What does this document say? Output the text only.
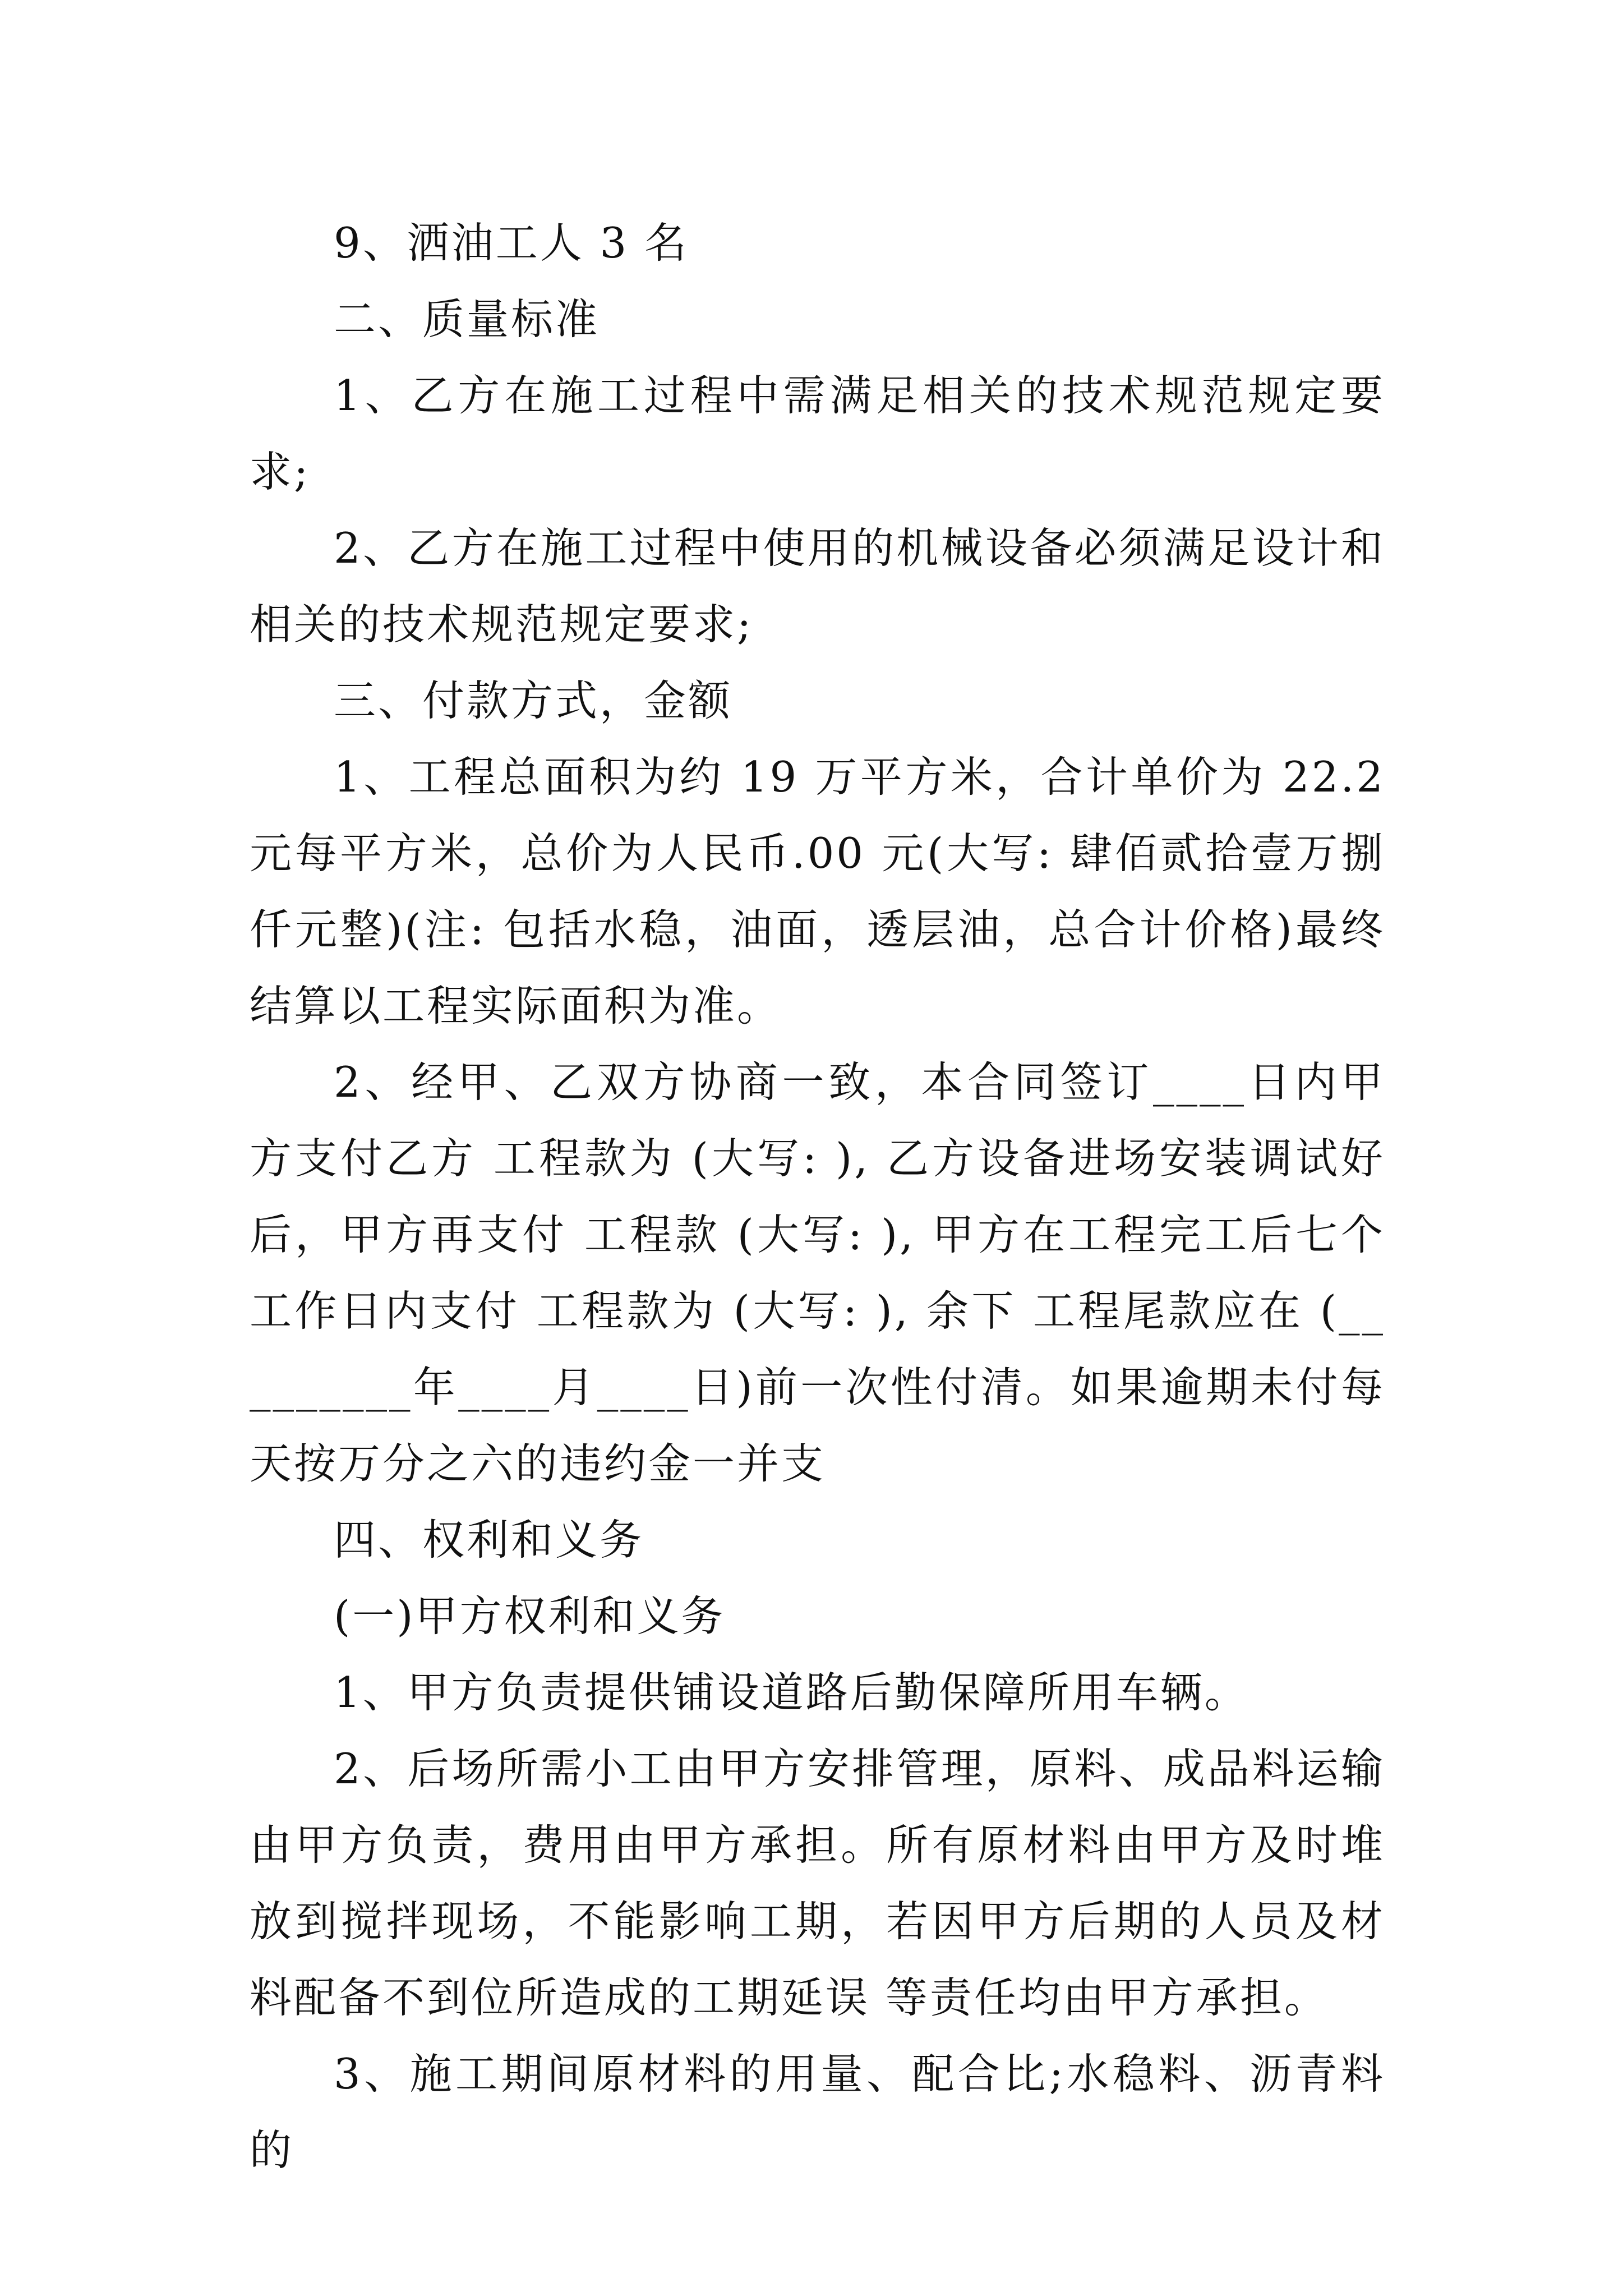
9、洒油工人 3 名

二、质量标准

1、乙方在施工过程中需满足相关的技术规范规定要求;

2、乙方在施工过程中使用的机械设备必须满足设计和相关的技术规范规定要求;

三、付款方式，金额

1、工程总面积为约 19 万平方米，合计单价为 22.2 元每平方米，总价为人民币.00 元(大写: 肆佰贰拾壹万捌仟元整)(注: 包括水稳，油面，透层油，总合计价格)最终结算以工程实际面积为准。

2、经甲、乙双方协商一致，本合同签订____日内甲方支付乙方 工程款为 (大写: ), 乙方设备进场安装调试好后，甲方再支付 工程款 (大写: ), 甲方在工程完工后七个工作日内支付 工程款为 (大写: ), 余下 工程尾款应在 (_________年____月____日)前一次性付清。如果逾期未付每天按万分之六的违约金一并支

四、权利和义务

(一)甲方权利和义务

1、甲方负责提供铺设道路后勤保障所用车辆。

2、后场所需小工由甲方安排管理，原料、成品料运输由甲方负责，费用由甲方承担。所有原材料由甲方及时堆放到搅拌现场，不能影响工期，若因甲方后期的人员及材料配备不到位所造成的工期延误 等责任均由甲方承担。

3、施工期间原材料的用量、配合比;水稳料、沥青料的
